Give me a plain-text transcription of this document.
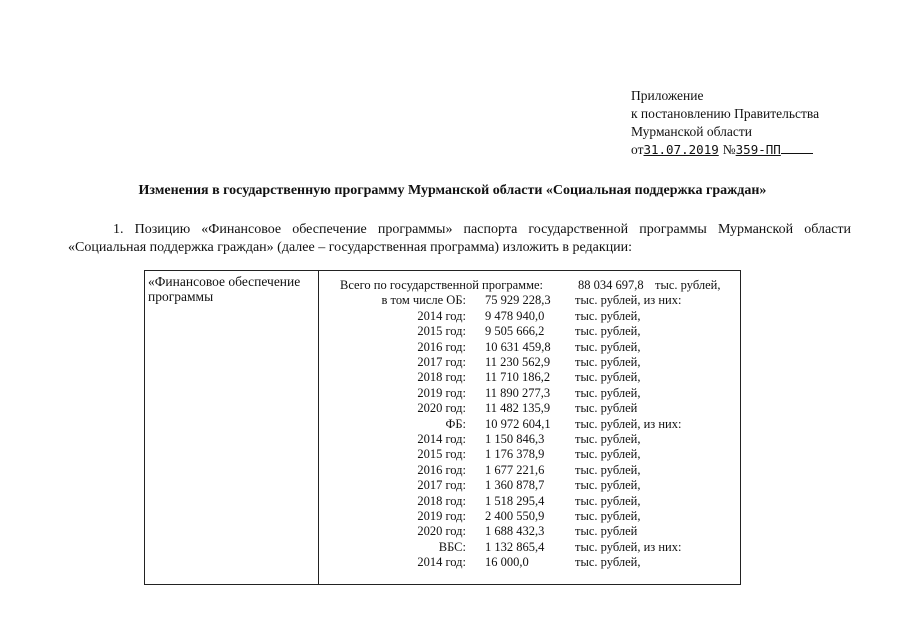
Приложение
к постановлению Правительства
Мурманской области
от 31.07.2019 № 359-ПП
Изменения в государственную программу Мурманской области «Социальная поддержка граждан»
1. Позицию «Финансовое обеспечение программы» паспорта государственной программы Мурманской области «Социальная поддержка граждан» (далее – государственная программа) изложить в редакции:
«Финансовое обеспечение программы
Всего по государственной программе:	88 034 697,8 тыс. рублей,
в том числе ОБ: 75 929 228,3 тыс. рублей, из них:
2014 год: 9 478 940,0 тыс. рублей,
2015 год: 9 505 666,2 тыс. рублей,
2016 год: 10 631 459,8 тыс. рублей,
2017 год: 11 230 562,9 тыс. рублей,
2018 год: 11 710 186,2 тыс. рублей,
2019 год: 11 890 277,3 тыс. рублей,
2020 год: 11 482 135,9 тыс. рублей
ФБ: 10 972 604,1 тыс. рублей, из них:
2014 год: 1 150 846,3 тыс. рублей,
2015 год: 1 176 378,9 тыс. рублей,
2016 год: 1 677 221,6 тыс. рублей,
2017 год: 1 360 878,7 тыс. рублей,
2018 год: 1 518 295,4 тыс. рублей,
2019 год: 2 400 550,9 тыс. рублей,
2020 год: 1 688 432,3 тыс. рублей
ВБС: 1 132 865,4 тыс. рублей, из них:
2014 год: 16 000,0	тыс. рублей,
